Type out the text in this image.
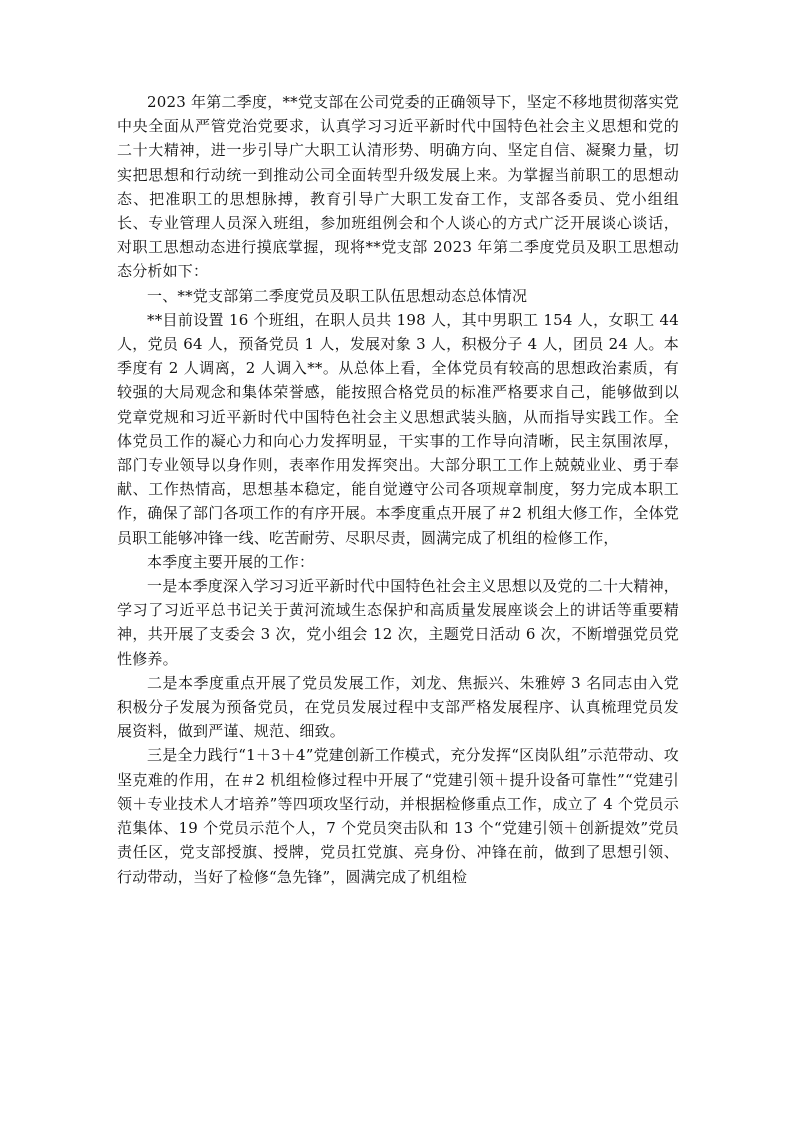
2023 年第二季度，**党支部在公司党委的正确领导下，坚定不移地贯彻落实党中央全面从严管党治党要求，认真学习习近平新时代中国特色社会主义思想和党的二十大精神，进一步引导广大职工认清形势、明确方向、坚定自信、凝聚力量，切实把思想和行动统一到推动公司全面转型升级发展上来。为掌握当前职工的思想动态、把准职工的思想脉搏，教育引导广大职工发奋工作，支部各委员、党小组组长、专业管理人员深入班组，参加班组例会和个人谈心的方式广泛开展谈心谈话，对职工思想动态进行摸底掌握，现将**党支部 2023 年第二季度党员及职工思想动态分析如下：

一、**党支部第二季度党员及职工队伍思想动态总体情况

**目前设置 16 个班组，在职人员共 198 人，其中男职工 154 人，女职工 44 人，党员 64 人，预备党员 1 人，发展对象 3 人，积极分子 4 人，团员 24 人。本季度有 2 人调离，2 人调入**。从总体上看，全体党员有较高的思想政治素质，有较强的大局观念和集体荣誉感，能按照合格党员的标准严格要求自己，能够做到以党章党规和习近平新时代中国特色社会主义思想武装头脑，从而指导实践工作。全体党员工作的凝心力和向心力发挥明显，干实事的工作导向清晰，民主氛围浓厚，部门专业领导以身作则，表率作用发挥突出。大部分职工工作上兢兢业业、勇于奉献、工作热情高，思想基本稳定，能自觉遵守公司各项规章制度，努力完成本职工作，确保了部门各项工作的有序开展。本季度重点开展了＃2 机组大修工作，全体党员职工能够冲锋一线、吃苦耐劳、尽职尽责，圆满完成了机组的检修工作，

本季度主要开展的工作：

一是本季度深入学习习近平新时代中国特色社会主义思想以及党的二十大精神，学习了习近平总书记关于黄河流域生态保护和高质量发展座谈会上的讲话等重要精神，共开展了支委会 3 次，党小组会 12 次，主题党日活动 6 次，不断增强党员党性修养。

二是本季度重点开展了党员发展工作，刘龙、焦振兴、朱雅婷 3 名同志由入党积极分子发展为预备党员，在党员发展过程中支部严格发展程序、认真梳理党员发展资料，做到严谨、规范、细致。

三是全力践行“1＋3＋4”党建创新工作模式，充分发挥“区岗队组”示范带动、攻坚克难的作用，在＃2 机组检修过程中开展了“党建引领＋提升设备可靠性”“党建引领＋专业技术人才培养”等四项攻坚行动，并根据检修重点工作，成立了 4 个党员示范集体、19 个党员示范个人，7 个党员突击队和 13 个“党建引领＋创新提效”党员责任区，党支部授旗、授牌，党员扛党旗、亮身份、冲锋在前，做到了思想引领、行动带动，当好了检修“急先锋”，圆满完成了机组检
